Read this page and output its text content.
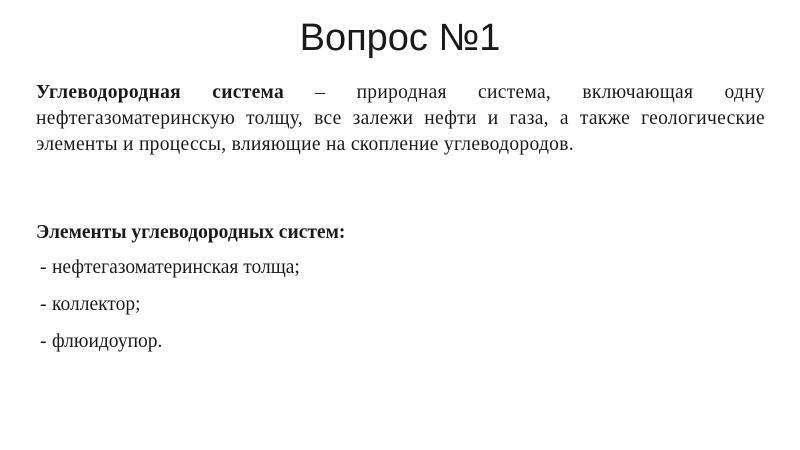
Вопрос №1

Углеводородная система – природная система, включающая одну нефтегазоматеринскую толщу, все залежи нефти и газа, а также геологические элементы и процессы, влияющие на скопление углеводородов.

Элементы углеводородных систем:
- нефтегазоматеринская толща;
- коллектор;
- флюидоупор.
